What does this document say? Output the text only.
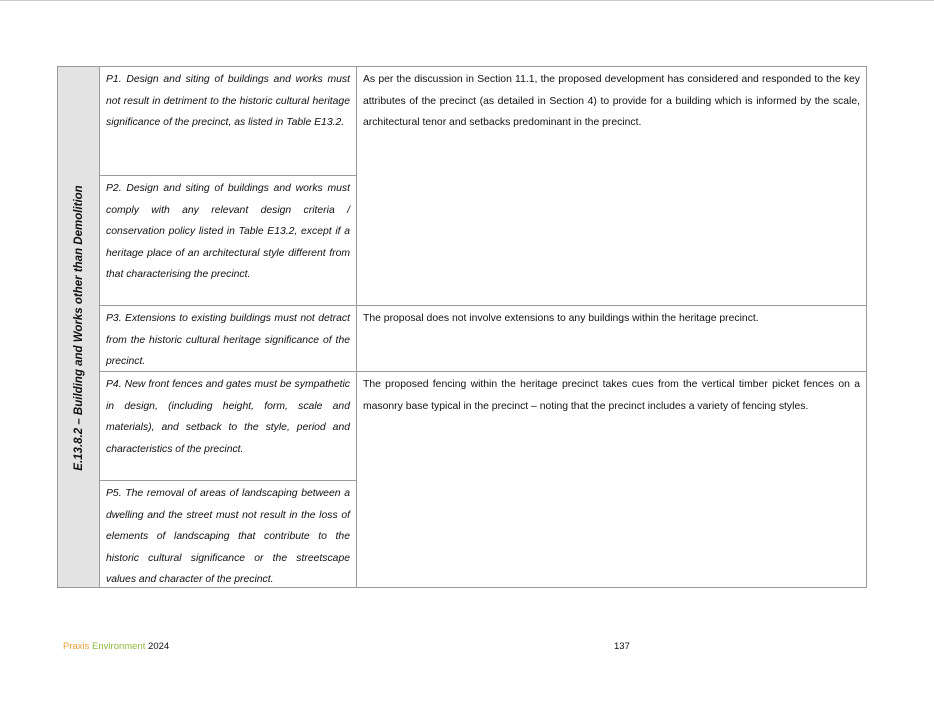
E.13.8.2 – Building and Works other than Demolition

P1. Design and siting of buildings and works must not result in detriment to the historic cultural heritage significance of the precinct, as listed in Table E13.2.

P2. Design and siting of buildings and works must comply with any relevant design criteria / conservation policy listed in Table E13.2, except if a heritage place of an architectural style different from that characterising the precinct.

As per the discussion in Section 11.1, the proposed development has considered and responded to the key attributes of the precinct (as detailed in Section 4) to provide for a building which is informed by the scale, architectural tenor and setbacks predominant in the precinct.

P3. Extensions to existing buildings must not detract from the historic cultural heritage significance of the precinct.

The proposal does not involve extensions to any buildings within the heritage precinct.

P4. New front fences and gates must be sympathetic in design, (including height, form, scale and materials), and setback to the style, period and characteristics of the precinct.

P5. The removal of areas of landscaping between a dwelling and the street must not result in the loss of elements of landscaping that contribute to the historic cultural significance or the streetscape values and character of the precinct.

The proposed fencing within the heritage precinct takes cues from the vertical timber picket fences on a masonry base typical in the precinct – noting that the precinct includes a variety of fencing styles.

Praxis Environment 2024	137
